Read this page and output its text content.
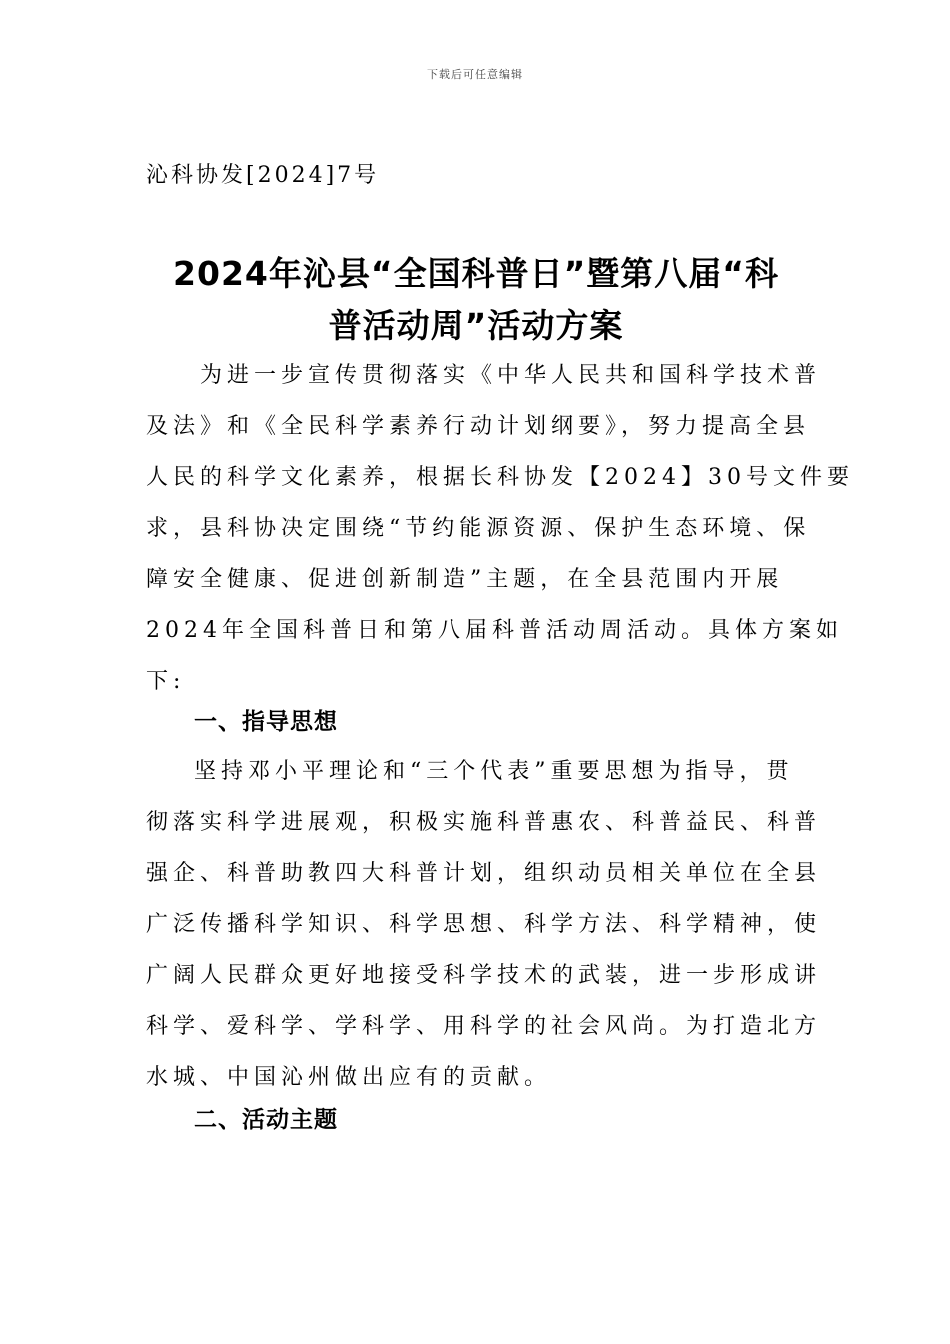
下载后可任意编辑
沁科协发[2024]7号
2024年沁县“全国科普日”暨第八届“科
普活动周”活动方案
为进一步宣传贯彻落实《中华人民共和国科学技术普
及法》和《全民科学素养行动计划纲要》，努力提高全县
人民的科学文化素养，根据长科协发【2024】30号文件要
求，县科协决定围绕“节约能源资源、保护生态环境、保
障安全健康、促进创新制造”主题，在全县范围内开展
2024年全国科普日和第八届科普活动周活动。具体方案如
下:
一、指导思想
坚持邓小平理论和“三个代表”重要思想为指导，贯
彻落实科学进展观，积极实施科普惠农、科普益民、科普
强企、科普助教四大科普计划，组织动员相关单位在全县
广泛传播科学知识、科学思想、科学方法、科学精神，使
广阔人民群众更好地接受科学技术的武装，进一步形成讲
科学、爱科学、学科学、用科学的社会风尚。为打造北方
水城、中国沁州做出应有的贡献。
二、活动主题
